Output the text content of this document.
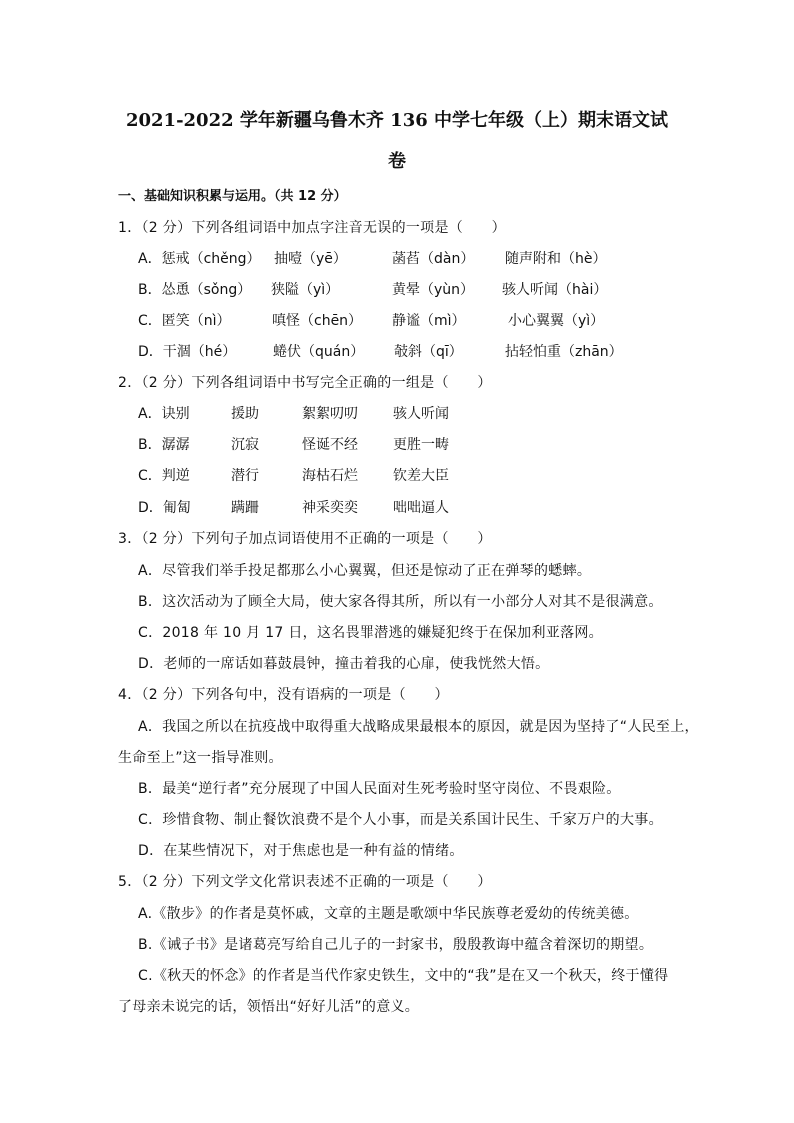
2021-2022 学年新疆乌鲁木齐 136 中学七年级（上）期末语文试
卷
一、基础知识积累与运用。（共 12 分）
1．（2 分）下列各组词语中加点字注音无误的一项是（　　）
A．惩戒（chěng） 抽噎（yē）	菡萏（dàn） 随声附和（hè）
B．怂恿（sǒng） 狭隘（yì）	黄晕（yùn） 骇人听闻（hài）
C．匿笑（nì）	嗔怪（chēn） 静谧（mì）	小心翼翼（yì）
D．干涸（hé）	蜷伏（quán） 攲斜（qī）	拈轻怕重（zhān）
2．（2 分）下列各组词语中书写完全正确的一组是（　　）
A．诀别	援助	絮絮叨叨	骇人听闻
B．潺潺	沉寂	怪诞不经	更胜一畴
C．判逆	潜行	海枯石烂	钦差大臣
D．匍匐	蹒跚	神采奕奕	咄咄逼人
3．（2 分）下列句子加点词语使用不正确的一项是（　　）
A．尽管我们举手投足都那么小心翼翼，但还是惊动了正在弹琴的蟋蟀。
B．这次活动为了顾全大局，使大家各得其所，所以有一小部分人对其不是很满意。
C．2018 年 10 月 17 日，这名畏罪潜逃的嫌疑犯终于在保加利亚落网。
D．老师的一席话如暮鼓晨钟，撞击着我的心扉，使我恍然大悟。
4．（2 分）下列各句中，没有语病的一项是（　　）
A．我国之所以在抗疫战中取得重大战略成果最根本的原因，就是因为坚持了“人民至上，
生命至上”这一指导准则。
B．最美“逆行者”充分展现了中国人民面对生死考验时坚守岗位、不畏艰险。
C．珍惜食物、制止餐饮浪费不是个人小事，而是关系国计民生、千家万户的大事。
D．在某些情况下，对于焦虑也是一种有益的情绪。
5．（2 分）下列文学文化常识表述不正确的一项是（　　）
A.《散步》的作者是莫怀戚，文章的主题是歌颂中华民族尊老爱幼的传统美德。
B.《诫子书》是诸葛亮写给自己儿子的一封家书，殷殷教诲中蕴含着深切的期望。
C.《秋天的怀念》的作者是当代作家史铁生，文中的“我”是在又一个秋天，终于懂得
了母亲未说完的话，领悟出“好好儿活”的意义。
